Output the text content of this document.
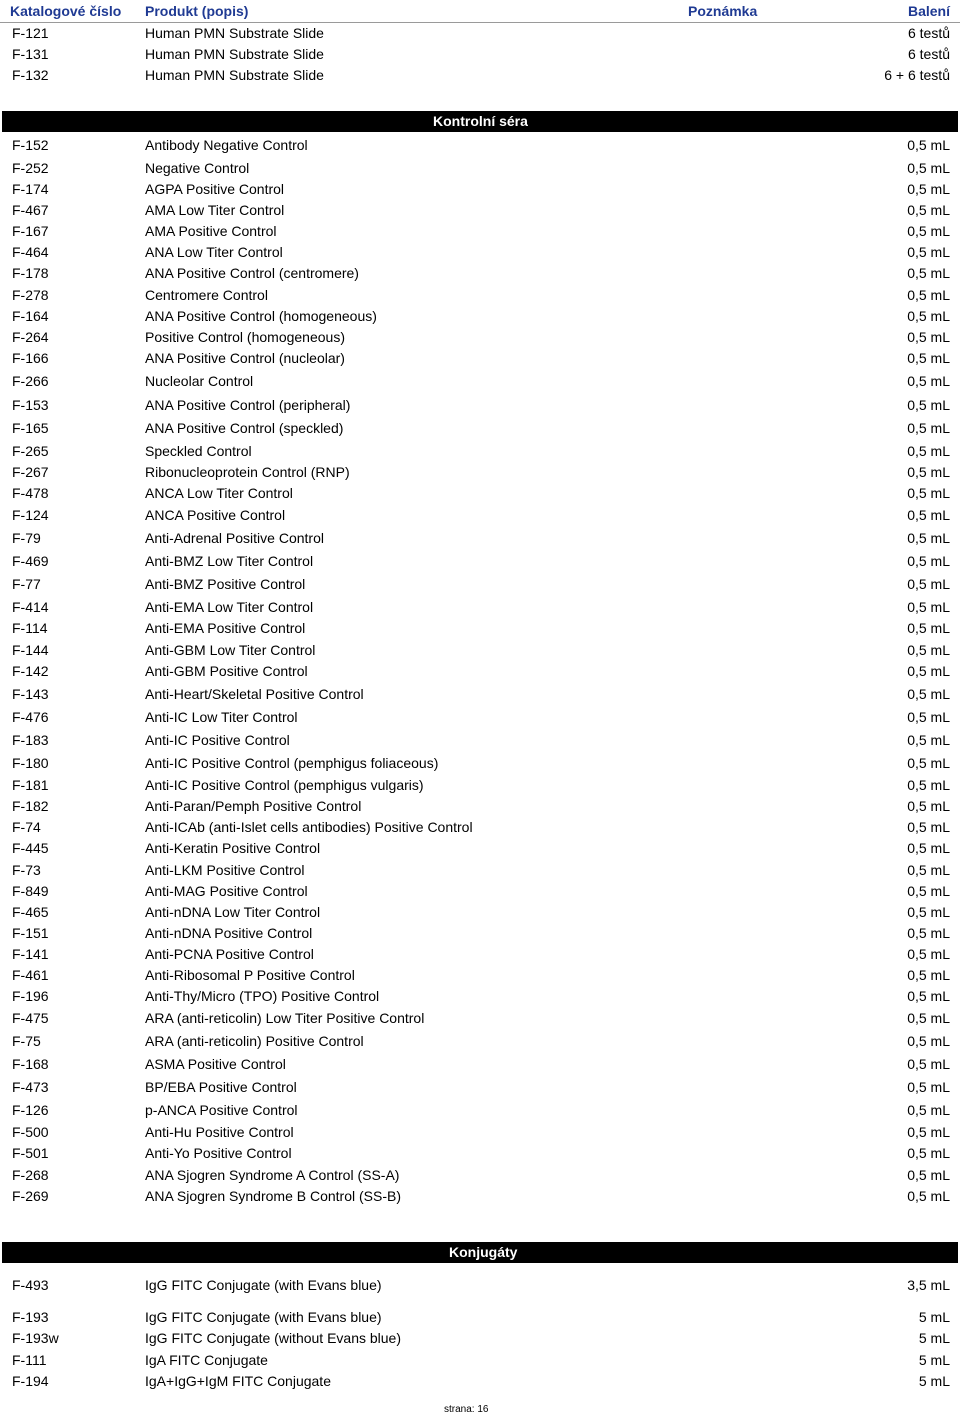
Katalogové číslo Produkt (popis)	Poznámka	Balení
F-121	Human PMN Substrate Slide	6 testů
F-131	Human PMN Substrate Slide	6 testů
F-132	Human PMN Substrate Slide	6 + 6 testů
Kontrolní séra
F-152	Antibody Negative Control	0,5 mL
F-252	Negative Control	0,5 mL
F-174	AGPA Positive Control	0,5 mL
F-467	AMA Low Titer Control	0,5 mL
F-167	AMA Positive Control	0,5 mL
F-464	ANA Low Titer Control	0,5 mL
F-178	ANA Positive Control (centromere)	0,5 mL
F-278	Centromere Control	0,5 mL
F-164	ANA Positive Control (homogeneous)	0,5 mL
F-264	Positive Control (homogeneous)	0,5 mL
F-166	ANA Positive Control (nucleolar)	0,5 mL
F-266	Nucleolar Control	0,5 mL
F-153	ANA Positive Control (peripheral)	0,5 mL
F-165	ANA Positive Control (speckled)	0,5 mL
F-265	Speckled Control	0,5 mL
F-267	Ribonucleoprotein Control (RNP)	0,5 mL
F-478	ANCA Low Titer Control	0,5 mL
F-124	ANCA Positive Control	0,5 mL
F-79	Anti-Adrenal Positive Control	0,5 mL
F-469	Anti-BMZ Low Titer Control	0,5 mL
F-77	Anti-BMZ Positive Control	0,5 mL
F-414	Anti-EMA Low Titer Control	0,5 mL
F-114	Anti-EMA Positive Control	0,5 mL
F-144	Anti-GBM Low Titer Control	0,5 mL
F-142	Anti-GBM Positive Control	0,5 mL
F-143	Anti-Heart/Skeletal Positive Control	0,5 mL
F-476	Anti-IC Low Titer Control	0,5 mL
F-183	Anti-IC Positive Control	0,5 mL
F-180	Anti-IC Positive Control (pemphigus foliaceous)	0,5 mL
F-181	Anti-IC Positive Control (pemphigus vulgaris)	0,5 mL
F-182	Anti-Paran/Pemph Positive Control	0,5 mL
F-74	Anti-ICAb (anti-Islet cells antibodies) Positive Control	0,5 mL
F-445	Anti-Keratin Positive Control	0,5 mL
F-73	Anti-LKM Positive Control	0,5 mL
F-849	Anti-MAG Positive Control	0,5 mL
F-465	Anti-nDNA Low Titer Control	0,5 mL
F-151	Anti-nDNA Positive Control	0,5 mL
F-141	Anti-PCNA Positive Control	0,5 mL
F-461	Anti-Ribosomal P Positive Control	0,5 mL
F-196	Anti-Thy/Micro (TPO) Positive Control	0,5 mL
F-475	ARA (anti-reticolin) Low Titer Positive Control	0,5 mL
F-75	ARA (anti-reticolin) Positive Control	0,5 mL
F-168	ASMA Positive Control	0,5 mL
F-473	BP/EBA Positive Control	0,5 mL
F-126	p-ANCA Positive Control	0,5 mL
F-500	Anti-Hu Positive Control	0,5 mL
F-501	Anti-Yo Positive Control	0,5 mL
F-268	ANA Sjogren Syndrome A Control (SS-A)	0,5 mL
F-269	ANA Sjogren Syndrome B Control (SS-B)	0,5 mL
Konjugáty
F-493	IgG FITC Conjugate (with Evans blue)	3,5 mL
F-193	IgG FITC Conjugate (with Evans blue)	5 mL
F-193w	IgG FITC Conjugate (without Evans blue)	5 mL
F-111	IgA FITC Conjugate	5 mL
F-194	IgA+IgG+IgM FITC Conjugate	5 mL
strana: 16
